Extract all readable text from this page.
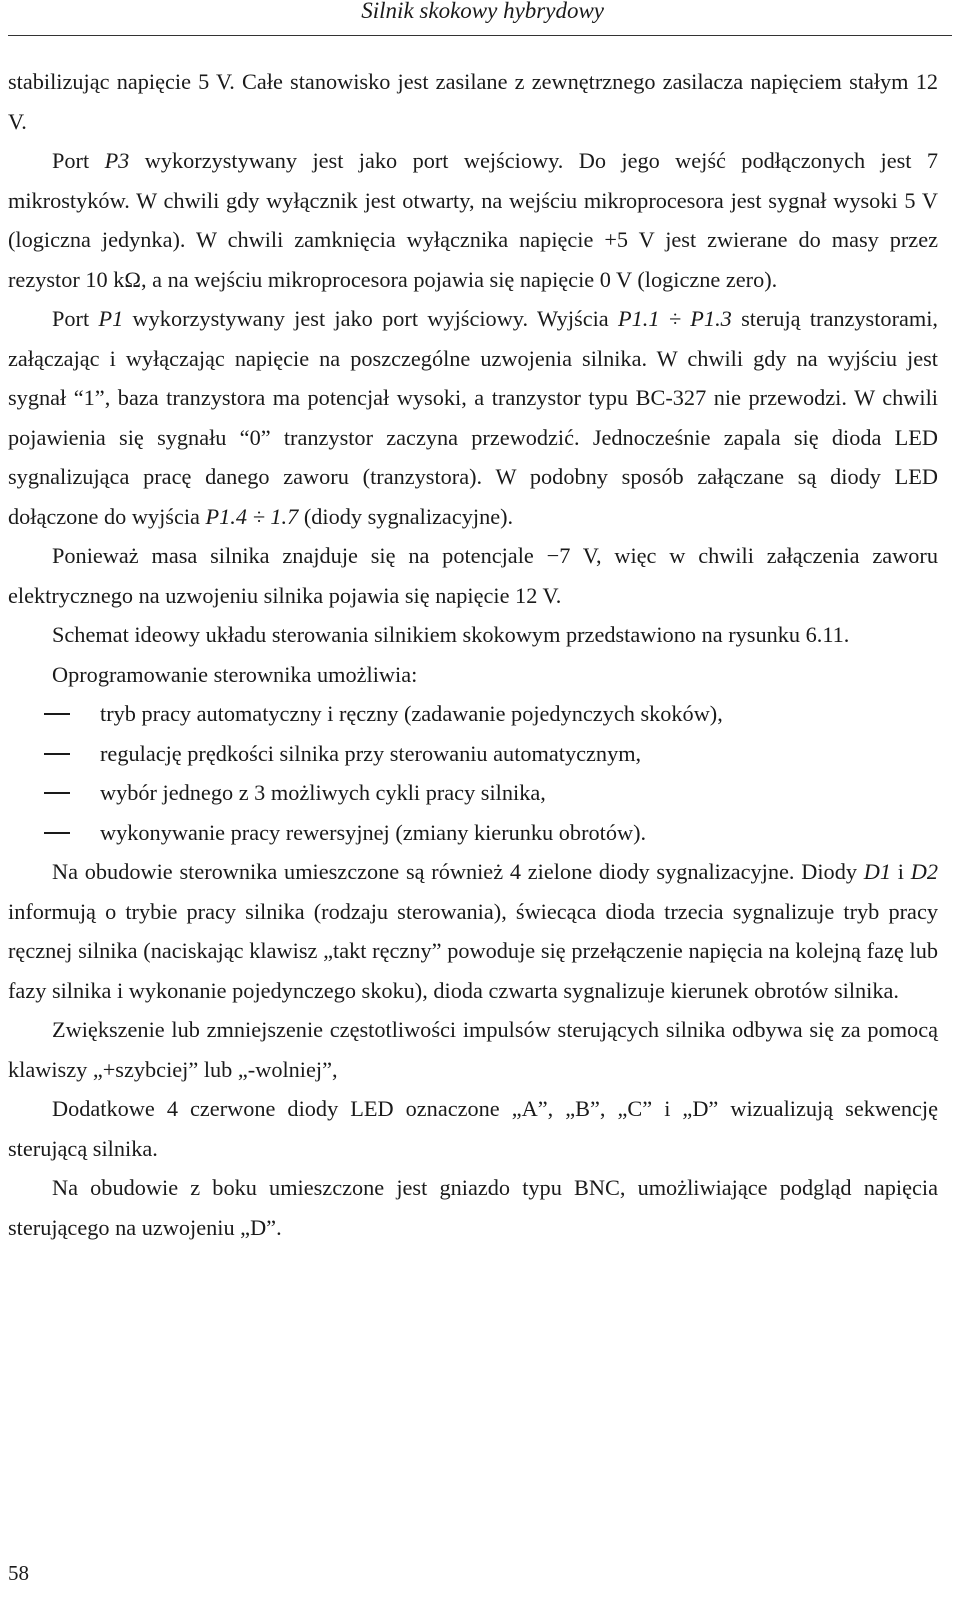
Silnik skokowy hybrydowy

stabilizując napięcie 5 V. Całe stanowisko jest zasilane z zewnętrznego zasilacza napięciem stałym 12 V.

Port P3 wykorzystywany jest jako port wejściowy. Do jego wejść podłączonych jest 7 mikrostyków. W chwili gdy wyłącznik jest otwarty, na wejściu mikroprocesora jest sygnał wysoki 5 V (logiczna jedynka). W chwili zamknięcia wyłącznika napięcie +5 V jest zwierane do masy przez rezystor 10 kΩ, a na wejściu mikroprocesora pojawia się napięcie 0 V (logiczne zero).

Port P1 wykorzystywany jest jako port wyjściowy. Wyjścia P1.1 ÷ P1.3 sterują tranzystorami, załączając i wyłączając napięcie na poszczególne uzwojenia silnika. W chwili gdy na wyjściu jest sygnał “1”, baza tranzystora ma potencjał wysoki, a tranzystor typu BC-327 nie przewodzi. W chwili pojawienia się sygnału “0” tranzystor zaczyna przewodzić. Jednocześnie zapala się dioda LED sygnalizująca pracę danego zaworu (tranzystora). W podobny sposób załączane są diody LED dołączone do wyjścia P1.4 ÷ 1.7 (diody sygnalizacyjne).

Ponieważ masa silnika znajduje się na potencjale −7 V, więc w chwili załączenia zaworu elektrycznego na uzwojeniu silnika pojawia się napięcie 12 V.

Schemat ideowy układu sterowania silnikiem skokowym przedstawiono na rysunku 6.11.

Oprogramowanie sterownika umożliwia:

tryb pracy automatyczny i ręczny (zadawanie pojedynczych skoków),
regulację prędkości silnika przy sterowaniu automatycznym,
wybór jednego z 3 możliwych cykli pracy silnika,
wykonywanie pracy rewersyjnej (zmiany kierunku obrotów).

Na obudowie sterownika umieszczone są również 4 zielone diody sygnalizacyjne. Diody D1 i D2 informują o trybie pracy silnika (rodzaju sterowania), świecąca dioda trzecia sygnalizuje tryb pracy ręcznej silnika (naciskając klawisz „takt ręczny” powoduje się przełączenie napięcia na kolejną fazę lub fazy silnika i wykonanie pojedynczego skoku), dioda czwarta sygnalizuje kierunek obrotów silnika.

Zwiększenie lub zmniejszenie częstotliwości impulsów sterujących silnika odbywa się za pomocą klawiszy „+szybciej” lub „-wolniej”,

Dodatkowe 4 czerwone diody LED oznaczone „A”, „B”, „C” i „D” wizualizują sekwencję sterującą silnika.

Na obudowie z boku umieszczone jest gniazdo typu BNC, umożliwiające podgląd napięcia sterującego na uzwojeniu „D”.

58
